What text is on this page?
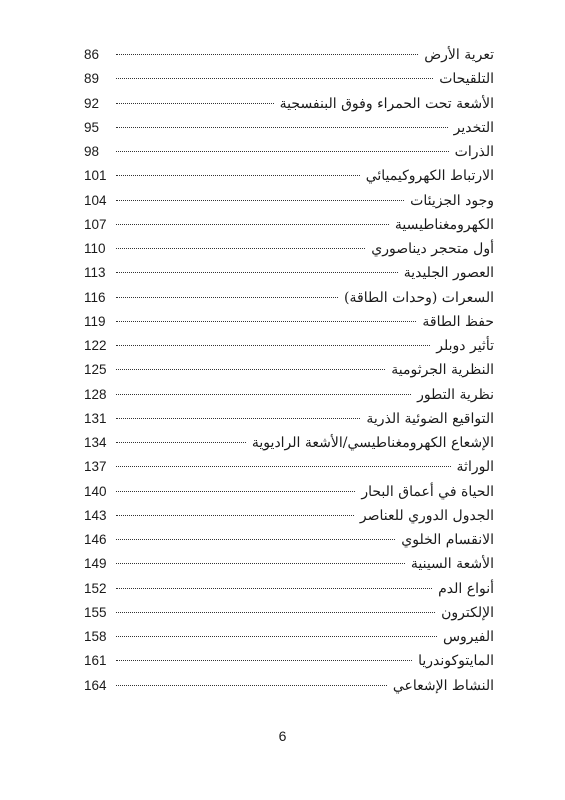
تعرية الأرض
86
التلقيحات
89
الأشعة تحت الحمراء وفوق البنفسجية
92
التخدير
95
الذرات
98
الارتباط الكهروكيميائي
101
وجود الجزيئات
104
الكهرومغناطيسية
107
أول متحجر ديناصوري
110
العصور الجليدية
113
السعرات (وحدات الطاقة)
116
حفظ الطاقة
119
تأثير دوبلر
122
النظرية الجرثومية
125
نظرية التطور
128
التواقيع الضوئية الذرية
131
الإشعاع الكهرومغناطيسي/الأشعة الراديوية
134
الوراثة
137
الحياة في أعماق البحار
140
الجدول الدوري للعناصر
143
الانقسام الخلوي
146
الأشعة السينية
149
أنواع الدم
152
الإلكترون
155
الفيروس
158
المايتوكوندريا
161
النشاط الإشعاعي
164
6
